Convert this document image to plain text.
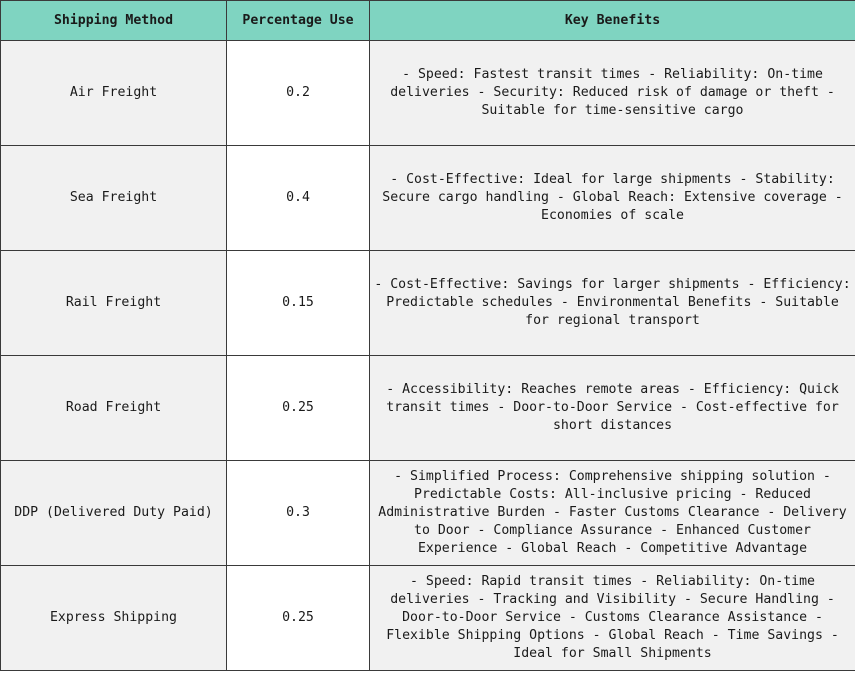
Shipping Method	Percentage Use	Key Benefits
Air Freight	0.2	- Speed: Fastest transit times - Reliability: On-time deliveries - Security: Reduced risk of damage or theft - Suitable for time-sensitive cargo
Sea Freight	0.4	- Cost-Effective: Ideal for large shipments - Stability: Secure cargo handling - Global Reach: Extensive coverage - Economies of scale
Rail Freight	0.15	- Cost-Effective: Savings for larger shipments - Efficiency: Predictable schedules - Environmental Benefits - Suitable for regional transport
Road Freight	0.25	- Accessibility: Reaches remote areas - Efficiency: Quick transit times - Door-to-Door Service - Cost-effective for short distances
DDP (Delivered Duty Paid)	0.3	- Simplified Process: Comprehensive shipping solution - Predictable Costs: All-inclusive pricing - Reduced Administrative Burden - Faster Customs Clearance - Delivery to Door - Compliance Assurance - Enhanced Customer Experience - Global Reach - Competitive Advantage
Express Shipping	0.25	- Speed: Rapid transit times - Reliability: On-time deliveries - Tracking and Visibility - Secure Handling - Door-to-Door Service - Customs Clearance Assistance - Flexible Shipping Options - Global Reach - Time Savings - Ideal for Small Shipments
